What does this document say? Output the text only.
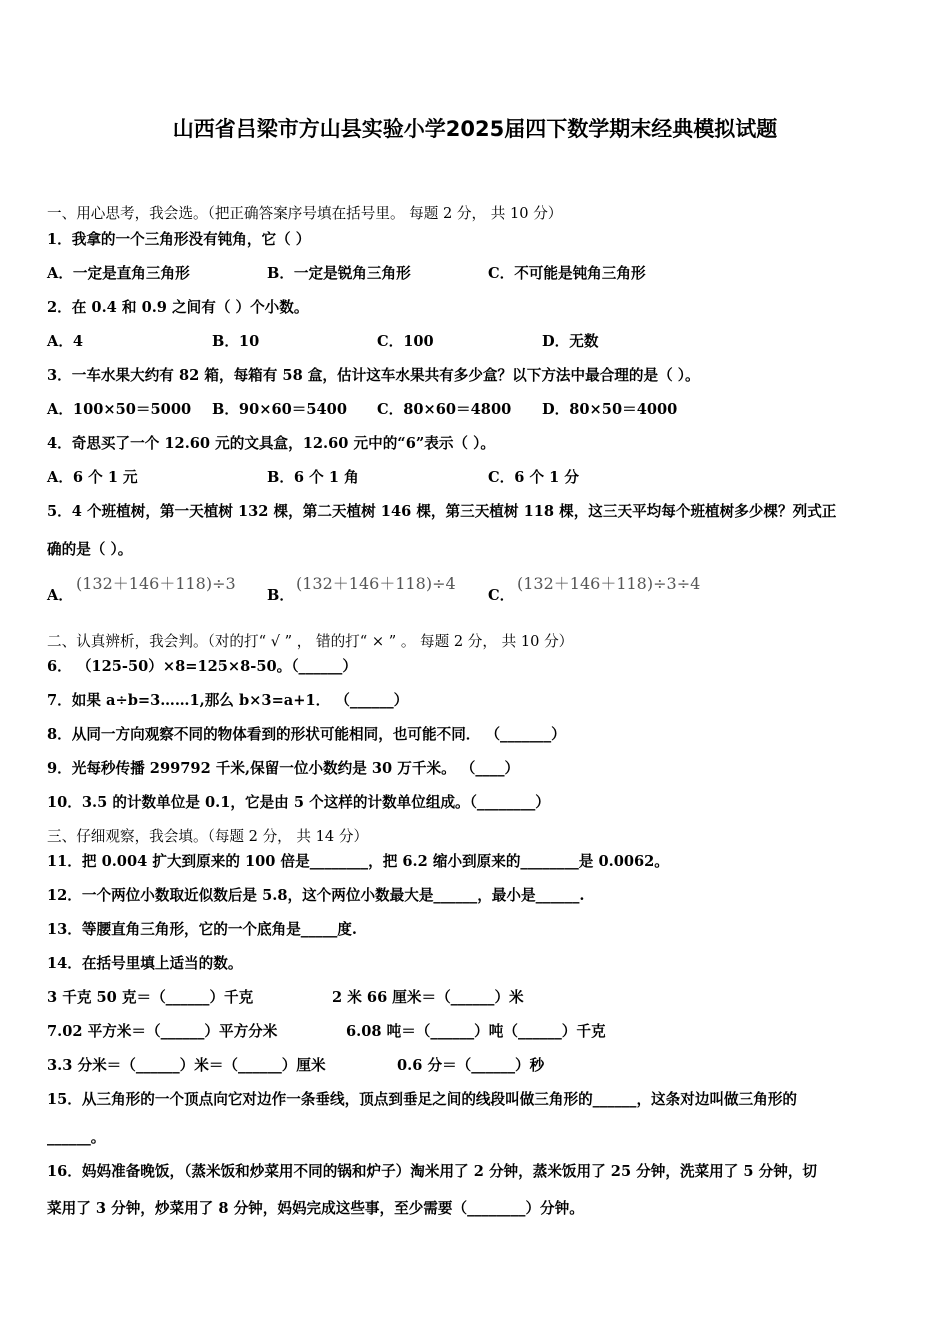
山西省吕梁市方山县实验小学2025届四下数学期末经典模拟试题
一、用心思考，我会选。（把正确答案序号填在括号里。 每题 2 分， 共 10 分）
1．我拿的一个三角形没有钝角，它（ ）
A．一定是直角三角形	B．一定是锐角三角形	C．不可能是钝角三角形
2．在 0.4 和 0.9 之间有（ ）个小数。
A．4	B．10	C．100	D．无数
3．一车水果大约有 82 箱，每箱有 58 盒，估计这车水果共有多少盒？以下方法中最合理的是（ ）。
A．100×50＝5000 B．90×60＝5400 C．80×60＝4800 D．80×50＝4000
4．奇思买了一个 12.60 元的文具盒，12.60 元中的“6”表示（ ）。
A．6 个 1 元	B．6 个 1 角	C．6 个 1 分
5．4 个班植树，第一天植树 132 棵，第二天植树 146 棵，第三天植树 118 棵，这三天平均每个班植树多少棵？列式正
确的是（ ）。
A．
(132＋146＋118)÷3
B．
(132＋146＋118)÷4
C．
(132＋146＋118)÷3÷4
二、认真辨析，我会判。（对的打“ √ ” ， 错的打“ × ” 。 每题 2 分， 共 10 分）
6． （125-50）×8=125×8-50。（______）
7．如果 a÷b=3……1,那么 b×3=a+1． （______）
8．从同一方向观察不同的物体看到的形状可能相同，也可能不同． （_______）
9．光每秒传播 299792 千米,保留一位小数约是 30 万千米。 （____）
10．3.5 的计数单位是 0.1，它是由 5 个这样的计数单位组成。（________）
三、仔细观察，我会填。（每题 2 分， 共 14 分）
11．把 0.004 扩大到原来的 100 倍是________，把 6.2 缩小到原来的________是 0.0062。
12．一个两位小数取近似数后是 5.8，这个两位小数最大是______，最小是______.
13．等腰直角三角形，它的一个底角是_____度.
14．在括号里填上适当的数。
3 千克 50 克＝（______）千克	2 米 66 厘米＝（______）米
7.02 平方米＝（______）平方分米	6.08 吨＝（______）吨（______）千克
3.3 分米＝（______）米＝（______）厘米	0.6 分＝（______）秒
15．从三角形的一个顶点向它对边作一条垂线，顶点到垂足之间的线段叫做三角形的______，这条对边叫做三角形的
______。
16．妈妈准备晚饭，（蒸米饭和炒菜用不同的锅和炉子）淘米用了 2 分钟，蒸米饭用了 25 分钟，洗菜用了 5 分钟，切
菜用了 3 分钟，炒菜用了 8 分钟，妈妈完成这些事，至少需要（________）分钟。
